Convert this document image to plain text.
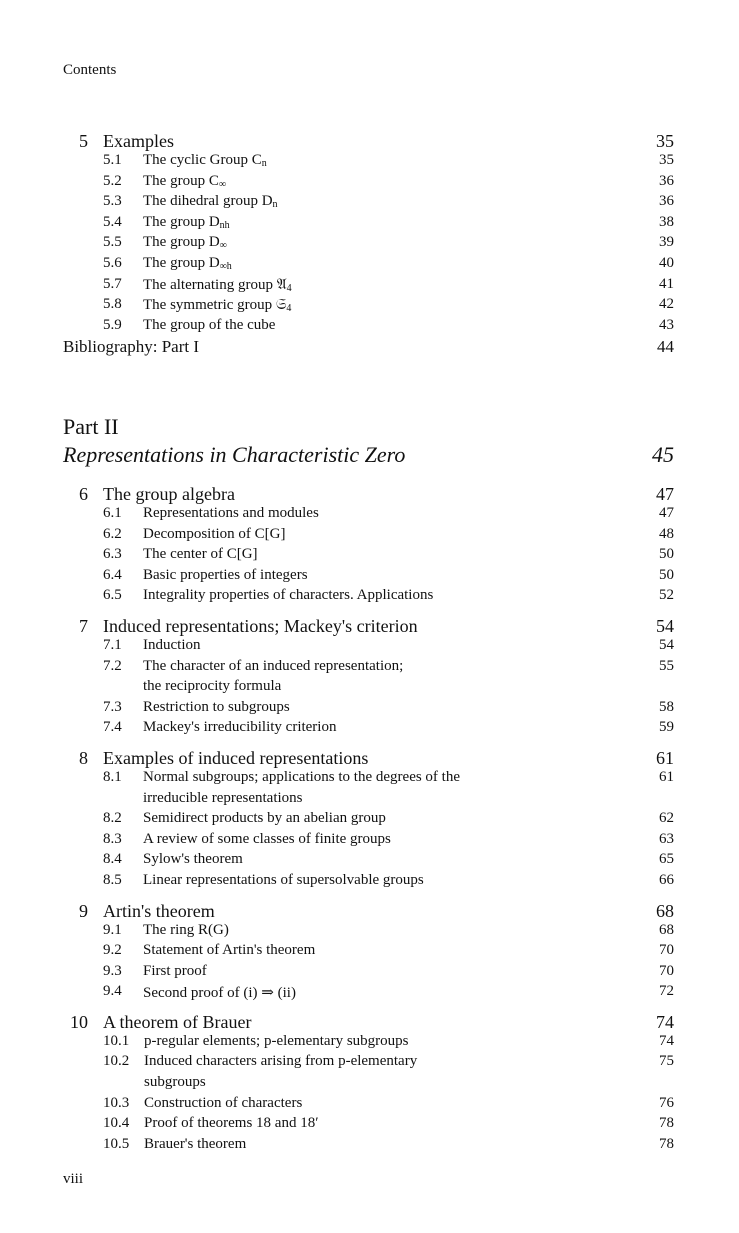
Contents
5 Examples	35
5.1 The cyclic Group $C_n$	35
5.2 The group $C_\infty$	36
5.3 The dihedral group $D_n$	36
5.4 The group $D_{nh}$	38
5.5 The group $D_\infty$	39
5.6 The group $D_{\infty h}$	40
5.7 The alternating group 𝔄$_4$	41
5.8 The symmetric group 𝔖$_4$	42
5.9 The group of the cube	43
Bibliography: Part I	44
Part II
Representations in Characteristic Zero	45
6 The group algebra	47
6.1 Representations and modules	47
6.2 Decomposition of C[G]	48
6.3 The center of C[G]	50
6.4 Basic properties of integers	50
6.5 Integrality properties of characters. Applications	52
7 Induced representations; Mackey's criterion	54
7.1 Induction	54
7.2 The character of an induced representation;	55
the reciprocity formula
7.3 Restriction to subgroups	58
7.4 Mackey's irreducibility criterion	59
8 Examples of induced representations	61
8.1 Normal subgroups; applications to the degrees of the	61
irreducible representations
8.2 Semidirect products by an abelian group	62
8.3 A review of some classes of finite groups	63
8.4 Sylow's theorem	65
8.5 Linear representations of supersolvable groups	66
9 Artin's theorem	68
9.1 The ring R(G)	68
9.2 Statement of Artin's theorem	70
9.3 First proof	70
9.4 Second proof of (i) ⇒ (ii)	72
10 A theorem of Brauer	74
10.1 p-regular elements; p-elementary subgroups	74
10.2 Induced characters arising from p-elementary	75
subgroups
10.3 Construction of characters	76
10.4 Proof of theorems 18 and 18′	78
10.5 Brauer's theorem	78
viii
